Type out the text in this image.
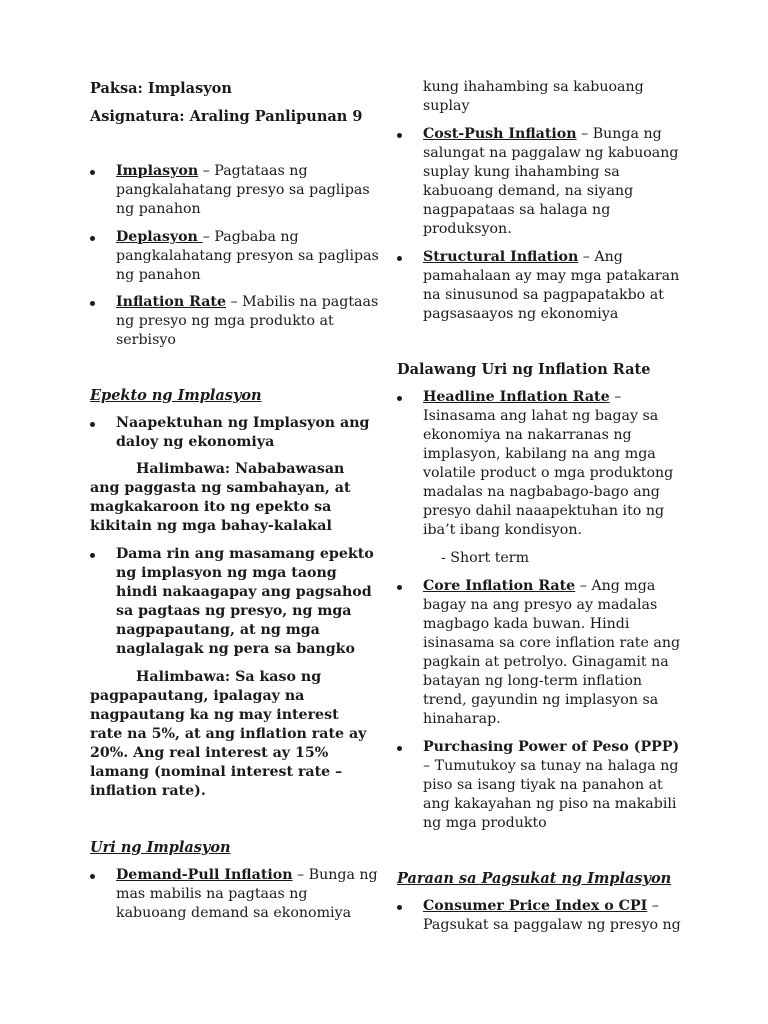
Paksa: Implasyon
Asignatura: Araling Panlipunan 9
Implasyon – Pagtataas ng pangkalahatang presyo sa paglipas ng panahon
Deplasyon – Pagbaba ng pangkalahatang presyon sa paglipas ng panahon
Inflation Rate – Mabilis na pagtaas ng presyo ng mga produkto at serbisyo
Epekto ng Implasyon
Naapektuhan ng Implasyon ang daloy ng ekonomiya
Halimbawa: Nababawasan ang paggasta ng sambahayan, at magkakaroon ito ng epekto sa kikitain ng mga bahay-kalakal
Dama rin ang masamang epekto ng implasyon ng mga taong hindi nakaagapay ang pagsahod sa pagtaas ng presyo, ng mga nagpapautang, at ng mga naglalagak ng pera sa bangko
Halimbawa: Sa kaso ng pagpapautang, ipalagay na nagpautang ka ng may interest rate na 5%, at ang inflation rate ay 20%. Ang real interest ay 15% lamang (nominal interest rate – inflation rate).
Uri ng Implasyon
Demand-Pull Inflation – Bunga ng mas mabilis na pagtaas ng kabuoang demand sa ekonomiya
kung ihahambing sa kabuoang suplay
Cost-Push Inflation – Bunga ng salungat na paggalaw ng kabuoang suplay kung ihahambing sa kabuoang demand, na siyang nagpapataas sa halaga ng produksyon.
Structural Inflation – Ang pamahalaan ay may mga patakaran na sinusunod sa pagpapatakbo at pagsasaayos ng ekonomiya
Dalawang Uri ng Inflation Rate
Headline Inflation Rate – Isinasama ang lahat ng bagay sa ekonomiya na nakarranas ng implasyon, kabilang na ang mga volatile product o mga produktong madalas na nagbabago-bago ang presyo dahil naaapektuhan ito ng iba’t ibang kondisyon.
- Short term
Core Inflation Rate – Ang mga bagay na ang presyo ay madalas magbago kada buwan. Hindi isinasama sa core inflation rate ang pagkain at petrolyo. Ginagamit na batayan ng long-term inflation trend, gayundin ng implasyon sa hinaharap.
Purchasing Power of Peso (PPP) – Tumutukoy sa tunay na halaga ng piso sa isang tiyak na panahon at ang kakayahan ng piso na makabili ng mga produkto
Paraan sa Pagsukat ng Implasyon
Consumer Price Index o CPI – Pagsukat sa paggalaw ng presyo ng
